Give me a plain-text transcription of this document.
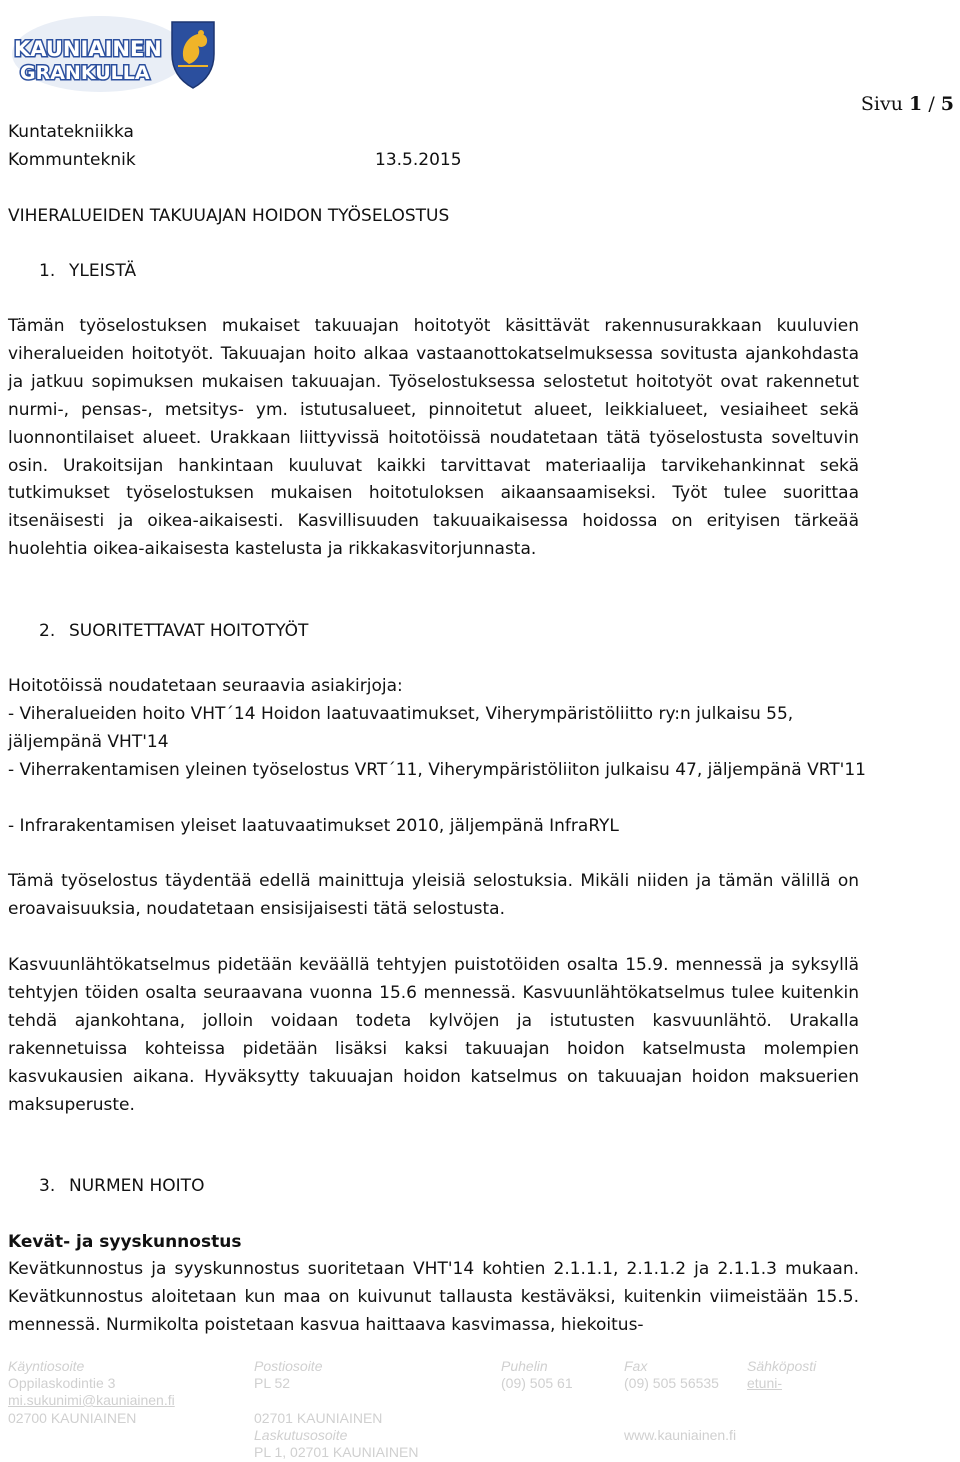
KAUNIAINEN
GRANKULLA
Sivu 1 / 5
Kuntatekniikka
Kommunteknik	13.5.2015
VIHERALUEIDEN TAKUUAJAN HOIDON TYÖSELOSTUS
1. YLEISTÄ

Tämän työselostuksen mukaiset takuuajan hoitotyöt käsittävät rakennusurakkaan kuuluvien viheralueiden hoitotyöt. Takuuajan hoito alkaa vastaanottokatselmuksessa sovitusta ajankohdasta ja jatkuu sopimuksen mukaisen takuuajan. Työselostuksessa selostetut hoitotyöt ovat rakennetut nurmi-, pensas-, metsitys- ym. istutusalueet, pinnoitetut alueet, leikkialueet, vesiaiheet sekä luonnontilaiset alueet. Urakkaan liittyvissä hoitotöissä noudatetaan tätä työselostusta soveltuvin osin. Urakoitsijan hankintaan kuuluvat kaikki tarvittavat materiaalija tarvikehankinnat sekä tutkimukset työselostuksen mukaisen hoitotuloksen aikaansaamiseksi. Työt tulee suorittaa itsenäisesti ja oikea-aikaisesti. Kasvillisuuden takuuaikaisessa hoidossa on erityisen tärkeää huolehtia oikea-aikaisesta kastelusta ja rikkakasvitorjunnasta.

2. SUORITETTAVAT HOITOTYÖT
Hoitotöissä noudatetaan seuraavia asiakirjoja:
- Viheralueiden hoito VHT´14 Hoidon laatuvaatimukset, Viherympäristöliitto ry:n julkaisu 55, jäljempänä VHT'14
- Viherrakentamisen yleinen työselostus VRT´11, Viherympäristöliiton julkaisu 47, jäljempänä VRT'11
- Infrarakentamisen yleiset laatuvaatimukset 2010, jäljempänä InfraRYL

Tämä työselostus täydentää edellä mainittuja yleisiä selostuksia. Mikäli niiden ja tämän välillä on eroavaisuuksia, noudatetaan ensisijaisesti tätä selostusta.

Kasvuunlähtökatselmus pidetään keväällä tehtyjen puistotöiden osalta 15.9. mennessä ja syksyllä tehtyjen töiden osalta seuraavana vuonna 15.6 mennessä. Kasvuunlähtökatselmus tulee kuitenkin tehdä ajankohtana, jolloin voidaan todeta kylvöjen ja istutusten kasvuunlähtö. Urakalla rakennetuissa kohteissa pidetään lisäksi kaksi takuuajan hoidon katselmusta molempien kasvukausien aikana. Hyväksytty takuuajan hoidon katselmus on takuuajan hoidon maksuerien maksuperuste.

3. NURMEN HOITO
Kevät- ja syyskunnostus

Kevätkunnostus ja syyskunnostus suoritetaan VHT'14 kohtien 2.1.1.1, 2.1.1.2 ja 2.1.1.3 mukaan. Kevätkunnostus aloitetaan kun maa on kuivunut tallausta kestäväksi, kuitenkin viimeistään 15.5. mennessä. Nurmikolta poistetaan kasvua haittaava kasvimassa, hiekoitus-

Käyntiosoite
Oppilaskodintie 3
mi.sukunimi@kauniainen.fi
02700 KAUNIAINEN
Postiosoite
PL 52
02701 KAUNIAINEN
Laskutusosoite
PL 1, 02701 KAUNIAINEN
Puhelin
(09) 505 61
Fax
(09) 505 56535
www.kauniainen.fi
Sähköposti
etuni-
